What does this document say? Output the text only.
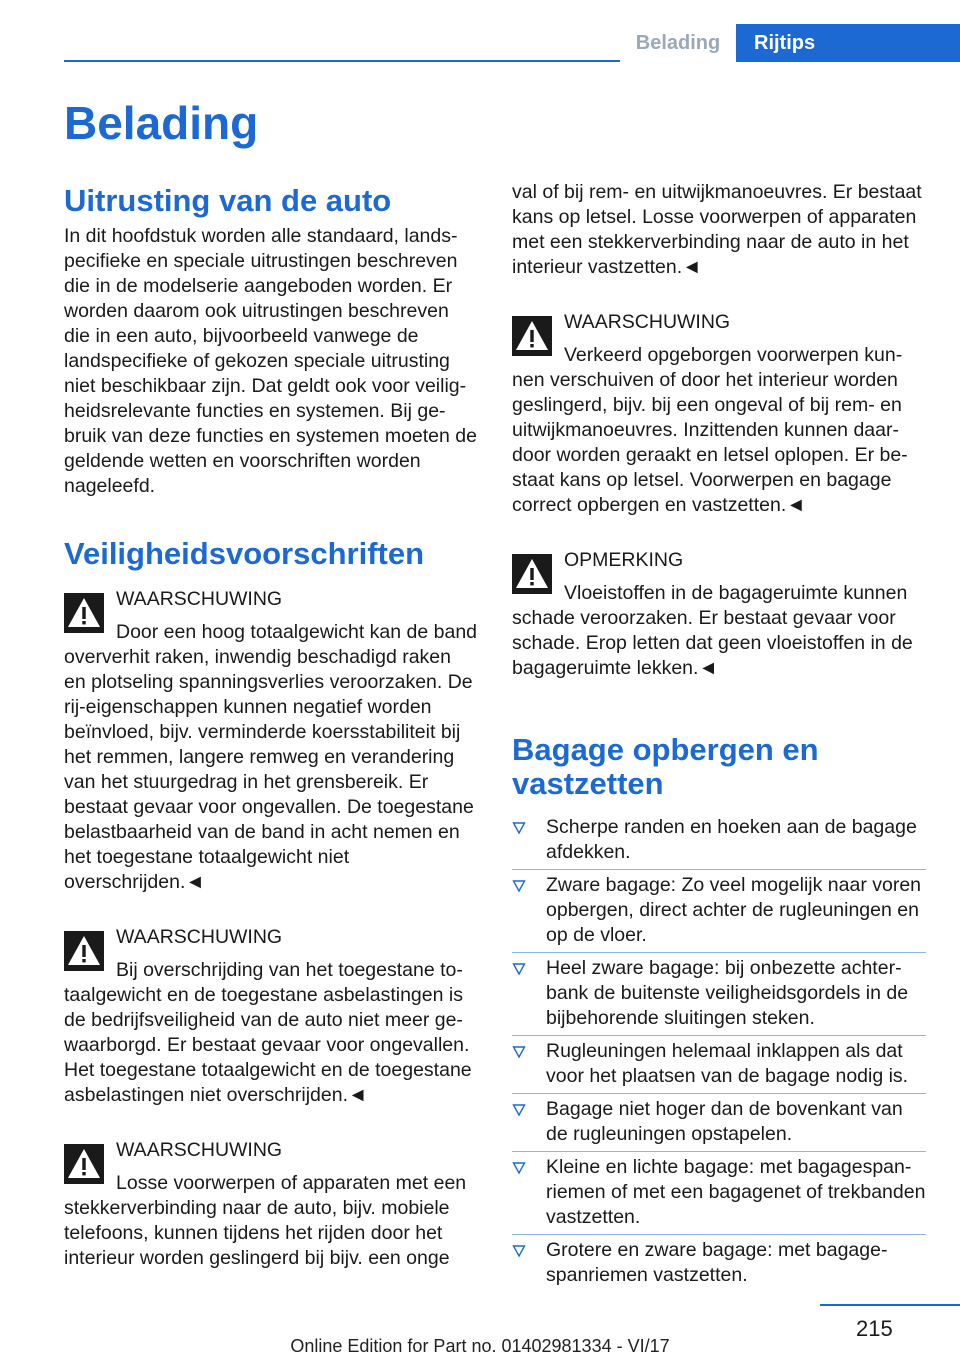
Belading	Rijtips
Belading
Uitrusting van de auto

In dit hoofdstuk worden alle standaard, landspecifieke en speciale uitrustingen beschreven die in de modelserie aangeboden worden. Er worden daarom ook uitrustingen beschreven die in een auto, bijvoorbeeld vanwege de landspecifieke of gekozen speciale uitrusting niet beschikbaar zijn. Dat geldt ook voor veiligheidsrelevante functies en systemen. Bij gebruik van deze functies en systemen moeten de geldende wetten en voorschriften worden nageleefd.

Veiligheidsvoorschriften
WAARSCHUWING
Door een hoog totaalgewicht kan de band oververhit raken, inwendig beschadigd raken en plotseling spanningsverlies veroorzaken. De rij-eigenschappen kunnen negatief worden beïnvloed, bijv. verminderde koersstabiliteit bij het remmen, langere remweg en verandering van het stuurgedrag in het grensbereik. Er bestaat gevaar voor ongevallen. De toegestane belastbaarheid van de band in acht nemen en het toegestane totaalgewicht niet overschrijden.◄
WAARSCHUWING
Bij overschrijding van het toegestane totaalgewicht en de toegestane asbelastingen is de bedrijfsveiligheid van de auto niet meer gewaarborgd. Er bestaat gevaar voor ongevallen. Het toegestane totaalgewicht en de toegestane asbelastingen niet overschrijden.◄
WAARSCHUWING
Losse voorwerpen of apparaten met een stekkerverbinding naar de auto, bijv. mobiele telefoons, kunnen tijdens het rijden door het interieur worden geslingerd bij bijv. een onge

val of bij rem- en uitwijkmanoeuvres. Er bestaat kans op letsel. Losse voorwerpen of apparaten met een stekkerverbinding naar de auto in het interieur vastzetten.◄

WAARSCHUWING
Verkeerd opgeborgen voorwerpen kunnen verschuiven of door het interieur worden geslingerd, bijv. bij een ongeval of bij rem- en uitwijkmanoeuvres. Inzittenden kunnen daardoor worden geraakt en letsel oplopen. Er bestaat kans op letsel. Voorwerpen en bagage correct opbergen en vastzetten.◄
OPMERKING
Vloeistoffen in de bagageruimte kunnen schade veroorzaken. Er bestaat gevaar voor schade. Erop letten dat geen vloeistoffen in de bagageruimte lekken.◄
Bagage opbergen en vastzetten
Scherpe randen en hoeken aan de bagage afdekken.
Zware bagage: Zo veel mogelijk naar voren opbergen, direct achter de rugleuningen en op de vloer.
Heel zware bagage: bij onbezette achterbank de buitenste veiligheidsgordels in de bijbehorende sluitingen steken.
Rugleuningen helemaal inklappen als dat voor het plaatsen van de bagage nodig is.
Bagage niet hoger dan de bovenkant van de rugleuningen opstapelen.
Kleine en lichte bagage: met bagagespanriemen of met een bagagenet of trekbanden vastzetten.
Grotere en zware bagage: met bagagespanriemen vastzetten.
215
Online Edition for Part no. 01402981334 - VI/17
